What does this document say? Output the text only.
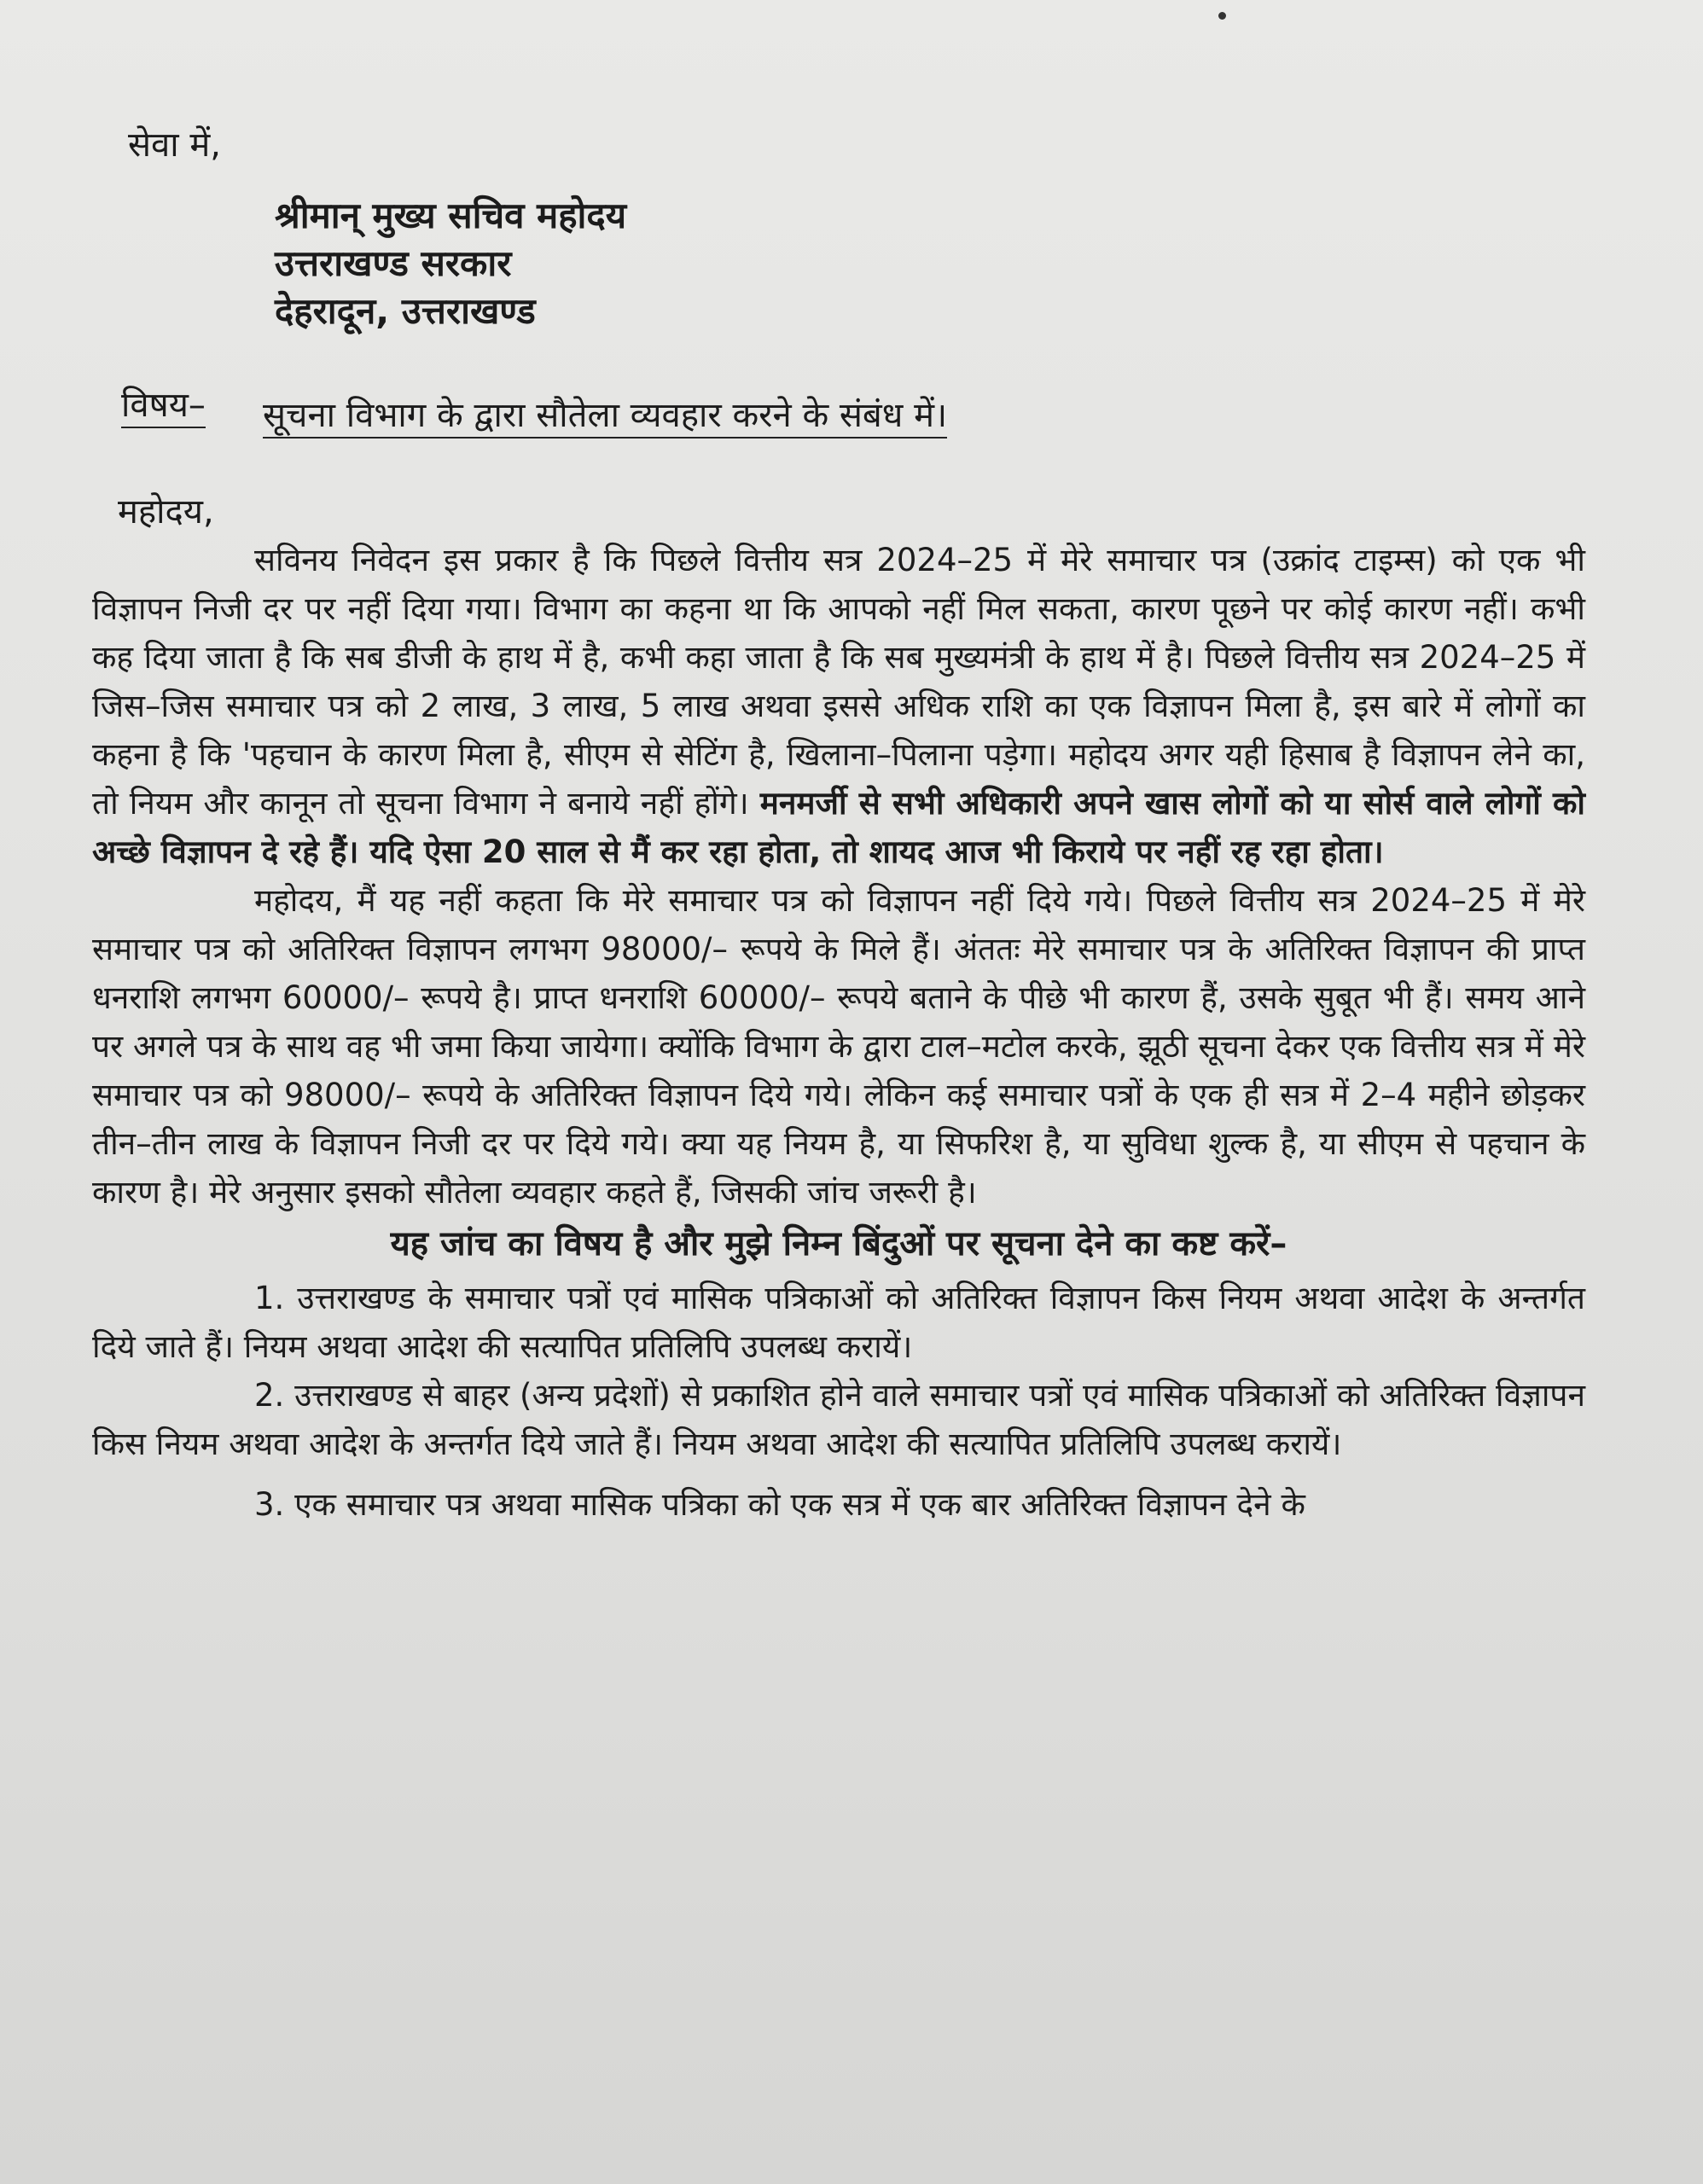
सेवा में,
श्रीमान् मुख्य सचिव महोदय
उत्तराखण्ड सरकार
देहरादून, उत्तराखण्ड
विषय– सूचना विभाग के द्वारा सौतेला व्यवहार करने के संबंध में।
महोदय,

सविनय निवेदन इस प्रकार है कि पिछले वित्तीय सत्र 2024–25 में मेरे समाचार पत्र (उक्रांद टाइम्स) को एक भी विज्ञापन निजी दर पर नहीं दिया गया। विभाग का कहना था कि आपको नहीं मिल सकता, कारण पूछने पर कोई कारण नहीं। कभी कह दिया जाता है कि सब डीजी के हाथ में है, कभी कहा जाता है कि सब मुख्यमंत्री के हाथ में है। पिछले वित्तीय सत्र 2024–25 में जिस–जिस समाचार पत्र को 2 लाख, 3 लाख, 5 लाख अथवा इससे अधिक राशि का एक विज्ञापन मिला है, इस बारे में लोगों का कहना है कि 'पहचान के कारण मिला है, सीएम से सेटिंग है, खिलाना–पिलाना पड़ेगा। महोदय अगर यही हिसाब है विज्ञापन लेने का, तो नियम और कानून तो सूचना विभाग ने बनाये नहीं होंगे। मनमर्जी से सभी अधिकारी अपने खास लोगों को या सोर्स वाले लोगों को अच्छे विज्ञापन दे रहे हैं। यदि ऐसा 20 साल से मैं कर रहा होता, तो शायद आज भी किराये पर नहीं रह रहा होता।

महोदय, मैं यह नहीं कहता कि मेरे समाचार पत्र को विज्ञापन नहीं दिये गये। पिछले वित्तीय सत्र 2024–25 में मेरे समाचार पत्र को अतिरिक्त विज्ञापन लगभग 98000/– रूपये के मिले हैं। अंततः मेरे समाचार पत्र के अतिरिक्त विज्ञापन की प्राप्त धनराशि लगभग 60000/– रूपये है। प्राप्त धनराशि 60000/– रूपये बताने के पीछे भी कारण हैं, उसके सुबूत भी हैं। समय आने पर अगले पत्र के साथ वह भी जमा किया जायेगा। क्योंकि विभाग के द्वारा टाल–मटोल करके, झूठी सूचना देकर एक वित्तीय सत्र में मेरे समाचार पत्र को 98000/– रूपये के अतिरिक्त विज्ञापन दिये गये। लेकिन कई समाचार पत्रों के एक ही सत्र में 2–4 महीने छोड़कर तीन–तीन लाख के विज्ञापन निजी दर पर दिये गये। क्या यह नियम है, या सिफरिश है, या सुविधा शुल्क है, या सीएम से पहचान के कारण है। मेरे अनुसार इसको सौतेला व्यवहार कहते हैं, जिसकी जांच जरूरी है।

यह जांच का विषय है और मुझे निम्न बिंदुओं पर सूचना देने का कष्ट करें–

1. उत्तराखण्ड के समाचार पत्रों एवं मासिक पत्रिकाओं को अतिरिक्त विज्ञापन किस नियम अथवा आदेश के अन्तर्गत दिये जाते हैं। नियम अथवा आदेश की सत्यापित प्रतिलिपि उपलब्ध करायें।

2. उत्तराखण्ड से बाहर (अन्य प्रदेशों) से प्रकाशित होने वाले समाचार पत्रों एवं मासिक पत्रिकाओं को अतिरिक्त विज्ञापन किस नियम अथवा आदेश के अन्तर्गत दिये जाते हैं। नियम अथवा आदेश की सत्यापित प्रतिलिपि उपलब्ध करायें।

3. एक समाचार पत्र अथवा मासिक पत्रिका को एक सत्र में एक बार अतिरिक्त विज्ञापन देने के
